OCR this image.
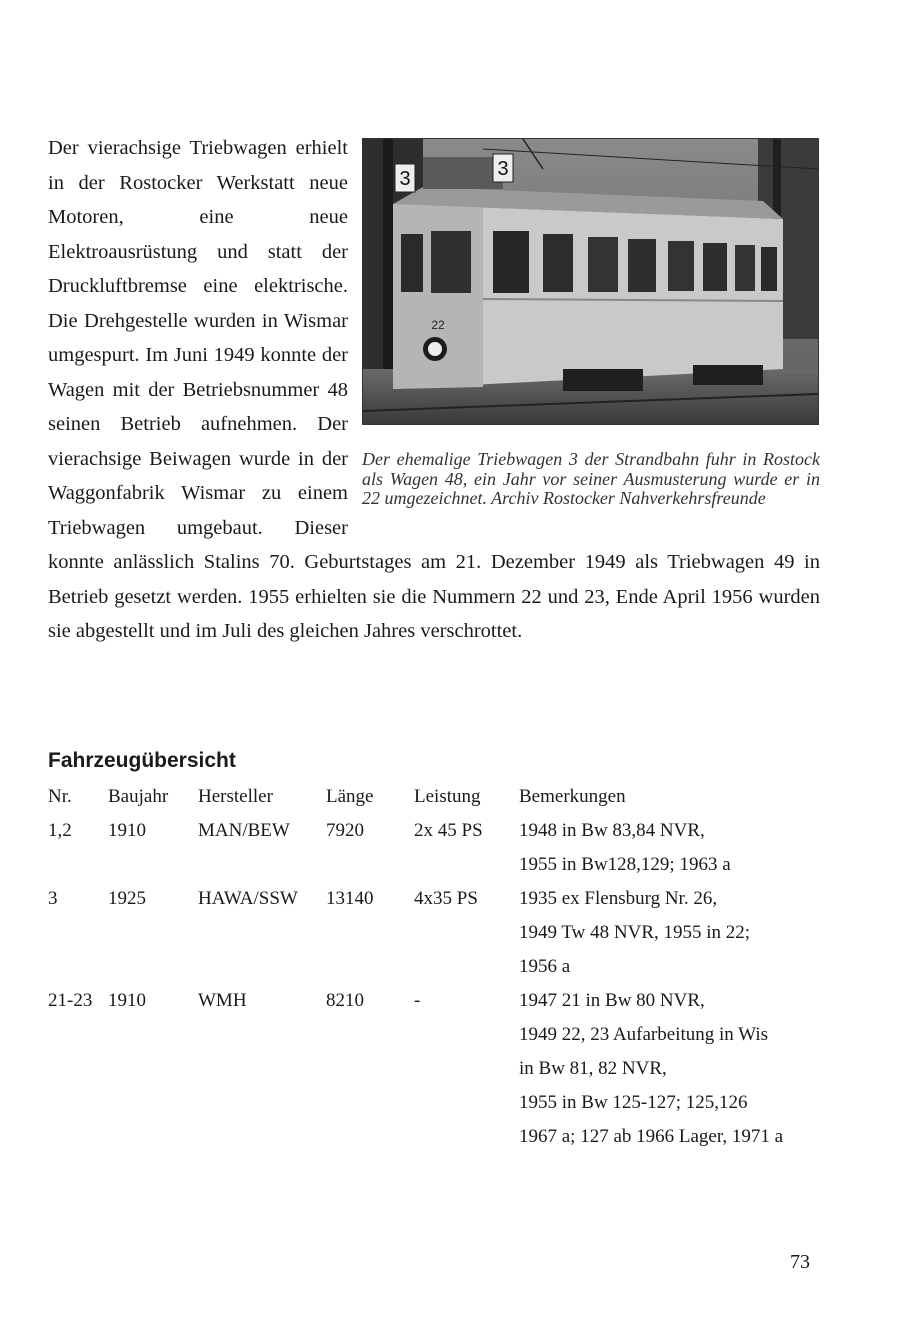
3	3
22
Der ehemalige Triebwagen 3 der Strandbahn fuhr in Rostock als Wagen 48, ein Jahr vor seiner Ausmusterung wurde er in 22 umgezeichnet. Archiv Rostocker Nahverkehrsfreunde

Der vierachsige Triebwagen erhielt in der Rostocker Werkstatt neue Motoren, eine neue Elektroausrüstung und statt der Druckluftbremse eine elektrische. Die Drehgestelle wurden in Wismar umgespurt. Im Juni 1949 konnte der Wagen mit der Betriebsnummer 48 seinen Betrieb aufnehmen. Der vierachsige Beiwagen wurde in der Waggonfabrik Wismar zu einem Triebwagen umgebaut. Dieser konnte anlässlich Stalins 70. Geburtstages am 21. Dezember 1949 als Triebwagen 49 in Betrieb gesetzt werden. 1955 erhielten sie die Nummern 22 und 23, Ende April 1956 wurden sie abgestellt und im Juli des gleichen Jahres verschrottet.

Fahrzeugübersicht
Nr.	Baujahr	Hersteller	Länge	Leistung	Bemerkungen
1,2	1910	MAN/BEW	7920	2x 45 PS	1948 in Bw 83,84 NVR,
1955 in Bw128,129; 1963 a

3	1925	HAWA/SSW	13140	4x35 PS	1935 ex Flensburg Nr. 26,
1949 Tw 48 NVR, 1955 in 22;
1956 a

21-23	1910	WMH	8210	-	1947 21 in Bw 80 NVR,
1949 22, 23 Aufarbeitung in Wis
in Bw 81, 82 NVR,
1955 in Bw 125-127; 125,126
1967 a; 127 ab 1966 Lager, 1971 a
73
